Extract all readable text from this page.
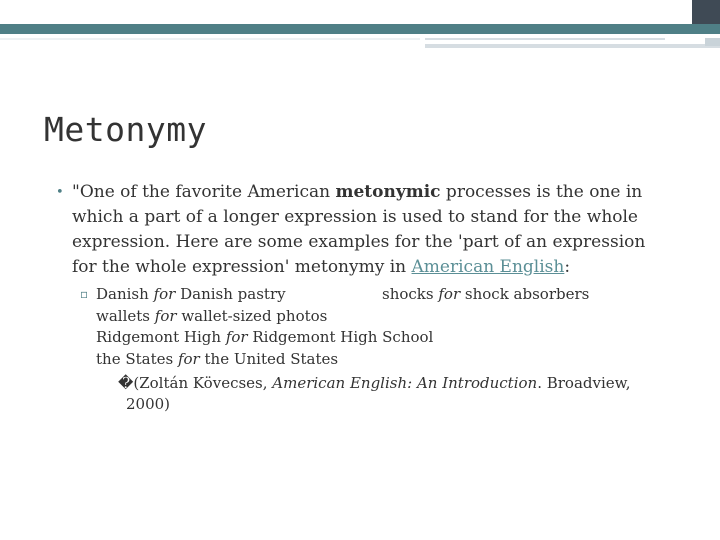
Metonymy

• "One of the favorite American metonymic processes is the one in which a part of a longer expression is used to stand for the whole expression. Here are some examples for the 'part of an expression for the whole expression' metonymy in American English:

▫ Danish for Danish pastry	shocks for shock absorbers
wallets for wallet-sized photos
Ridgemont High for Ridgemont High School
the States for the United States
�(Zoltán Kövecses, American English: An Introduction. Broadview,
2000)
